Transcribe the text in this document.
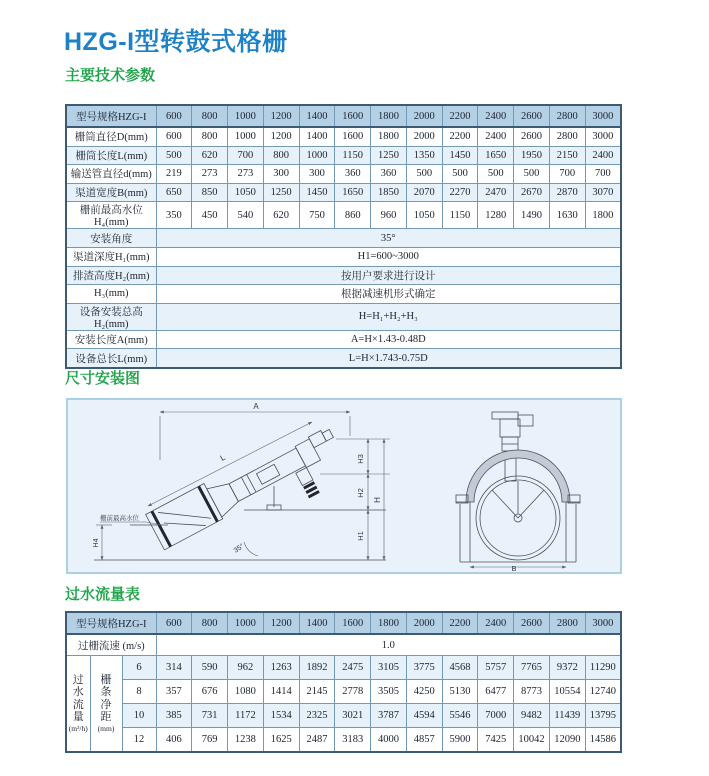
HZG-I型转鼓式格栅
主要技术参数
型号规格HZG-I	600	800	1000	1200	1400	1600	1800	2000	2200	2400	2600	2800	3000
栅筒直径D(mm)	600	800	1000	1200	1400	1600	1800	2000	2200	2400	2600	2800	3000
栅筒长度L(mm)	500	620	700	800	1000	1150	1250	1350	1450	1650	1950	2150	2400
输送管直径d(mm)	219	273	273	300	300	360	360	500	500	500	500	700	700
渠道宽度B(mm)	650	850	1050	1250	1450	1650	1850	2070	2270	2470	2670	2870	3070
栅前最高水位H₄(mm)	350	450	540	620	750	860	960	1050	1150	1280	1490	1630	1800
安装角度	35°												
渠道深度H₁(mm)	H1=600~3000												
排渣高度H₂(mm)	按用户要求进行设计												
H₃(mm)	根据减速机形式确定												
设备安装总高H₂(mm)	H=H₁+H₂+H₃												
安装长度A(mm)	A=H×1.43-0.48D												
设备总长L(mm)	L=H×1.743-0.75D												
尺寸安装图
A
L	H3
H2
H1
H
栅前最高水位
H4	35°
B
过水流量表
型号规格HZG-I			600	800	1000	1200	1400	1600	1800	2000	2200	2400	2600	2800	3000
过栅流速 (m/s)			1.0												

过
水
流
量
(m³/h)	栅
条
净
距
(mm)	6	314	590	962	1263	1892	2475	3105	3775	4568	5757	7765	9372	11290
		8	357	676	1080	1414	2145	2778	3505	4250	5130	6477	8773	10554	12740
		10	385	731	1172	1534	2325	3021	3787	4594	5546	7000	9482	11439	13795
		12	406	769	1238	1625	2487	3183	4000	4857	5900	7425	10042	12090	14586
